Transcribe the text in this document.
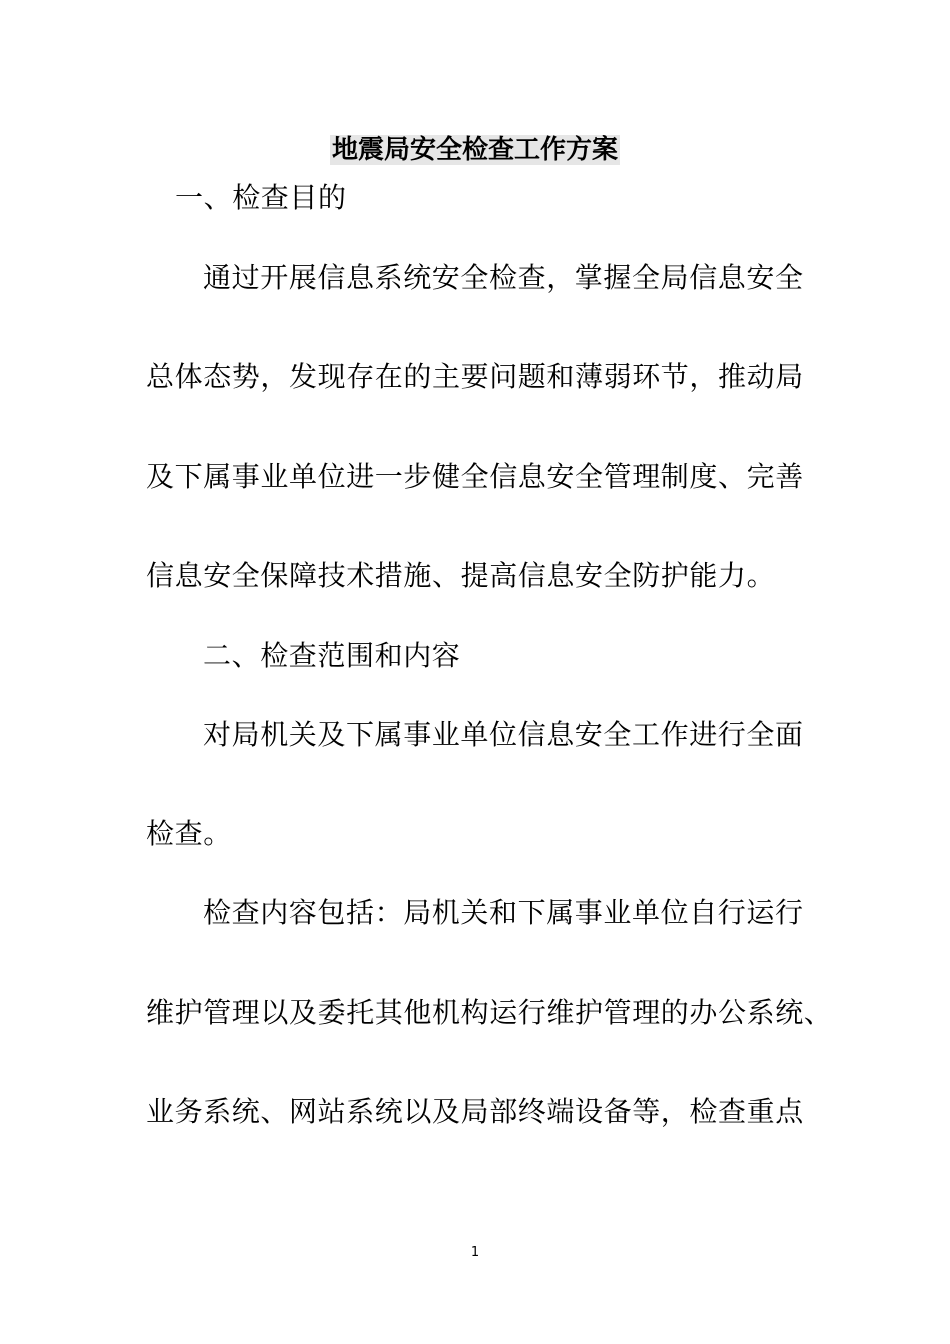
地震局安全检查工作方案
一、检查目的
通过开展信息系统安全检查，掌握全局信息安全
总体态势，发现存在的主要问题和薄弱环节，推动局
及下属事业单位进一步健全信息安全管理制度、完善
信息安全保障技术措施、提高信息安全防护能力。
二、检查范围和内容
对局机关及下属事业单位信息安全工作进行全面
检查。
检查内容包括：局机关和下属事业单位自行运行
维护管理以及委托其他机构运行维护管理的办公系统、
业务系统、网站系统以及局部终端设备等，检查重点
1
